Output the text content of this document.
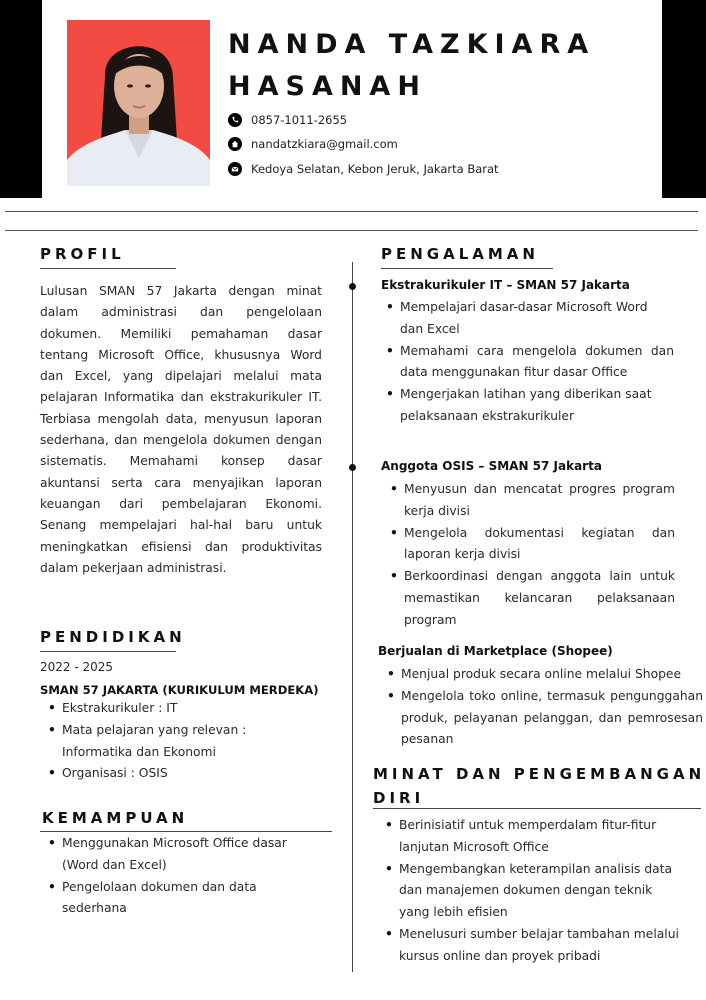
NANDA TAZKIARA
HASANAH
0857-1011-2655
nandatzkiara@gmail.com
Kedoya Selatan, Kebon Jeruk, Jakarta Barat
PROFIL
Lulusan SMAN 57 Jakarta dengan minat dalam administrasi dan pengelolaan dokumen. Memiliki pemahaman dasar tentang Microsoft Office, khususnya Word dan Excel, yang dipelajari melalui mata pelajaran Informatika dan ekstrakurikuler IT. Terbiasa mengolah data, menyusun laporan sederhana, dan mengelola dokumen dengan sistematis. Memahami konsep dasar akuntansi serta cara menyajikan laporan keuangan dari pembelajaran Ekonomi. Senang mempelajari hal-hal baru untuk meningkatkan efisiensi dan produktivitas dalam pekerjaan administrasi.
PENDIDIKAN
2022 - 2025
SMAN 57 JAKARTA (KURIKULUM MERDEKA)
• Ekstrakurikuler : IT
• Mata pelajaran yang relevan : Informatika dan Ekonomi
• Organisasi : OSIS
KEMAMPUAN
• Menggunakan Microsoft Office dasar (Word dan Excel)
• Pengelolaan dokumen dan data sederhana
PENGALAMAN
Ekstrakurikuler IT – SMAN 57 Jakarta
• Mempelajari dasar-dasar Microsoft Word dan Excel
• Memahami cara mengelola dokumen dan data menggunakan fitur dasar Office
• Mengerjakan latihan yang diberikan saat pelaksanaan ekstrakurikuler
Anggota OSIS – SMAN 57 Jakarta
• Menyusun dan mencatat progres program kerja divisi
• Mengelola dokumentasi kegiatan dan laporan kerja divisi
• Berkoordinasi dengan anggota lain untuk memastikan kelancaran pelaksanaan program
Berjualan di Marketplace (Shopee)
• Menjual produk secara online melalui Shopee
• Mengelola toko online, termasuk pengunggahan produk, pelayanan pelanggan, dan pemrosesan pesanan
MINAT DAN PENGEMBANGAN
DIRI
• Berinisiatif untuk memperdalam fitur-fitur lanjutan Microsoft Office
• Mengembangkan keterampilan analisis data dan manajemen dokumen dengan teknik yang lebih efisien
• Menelusuri sumber belajar tambahan melalui kursus online dan proyek pribadi
